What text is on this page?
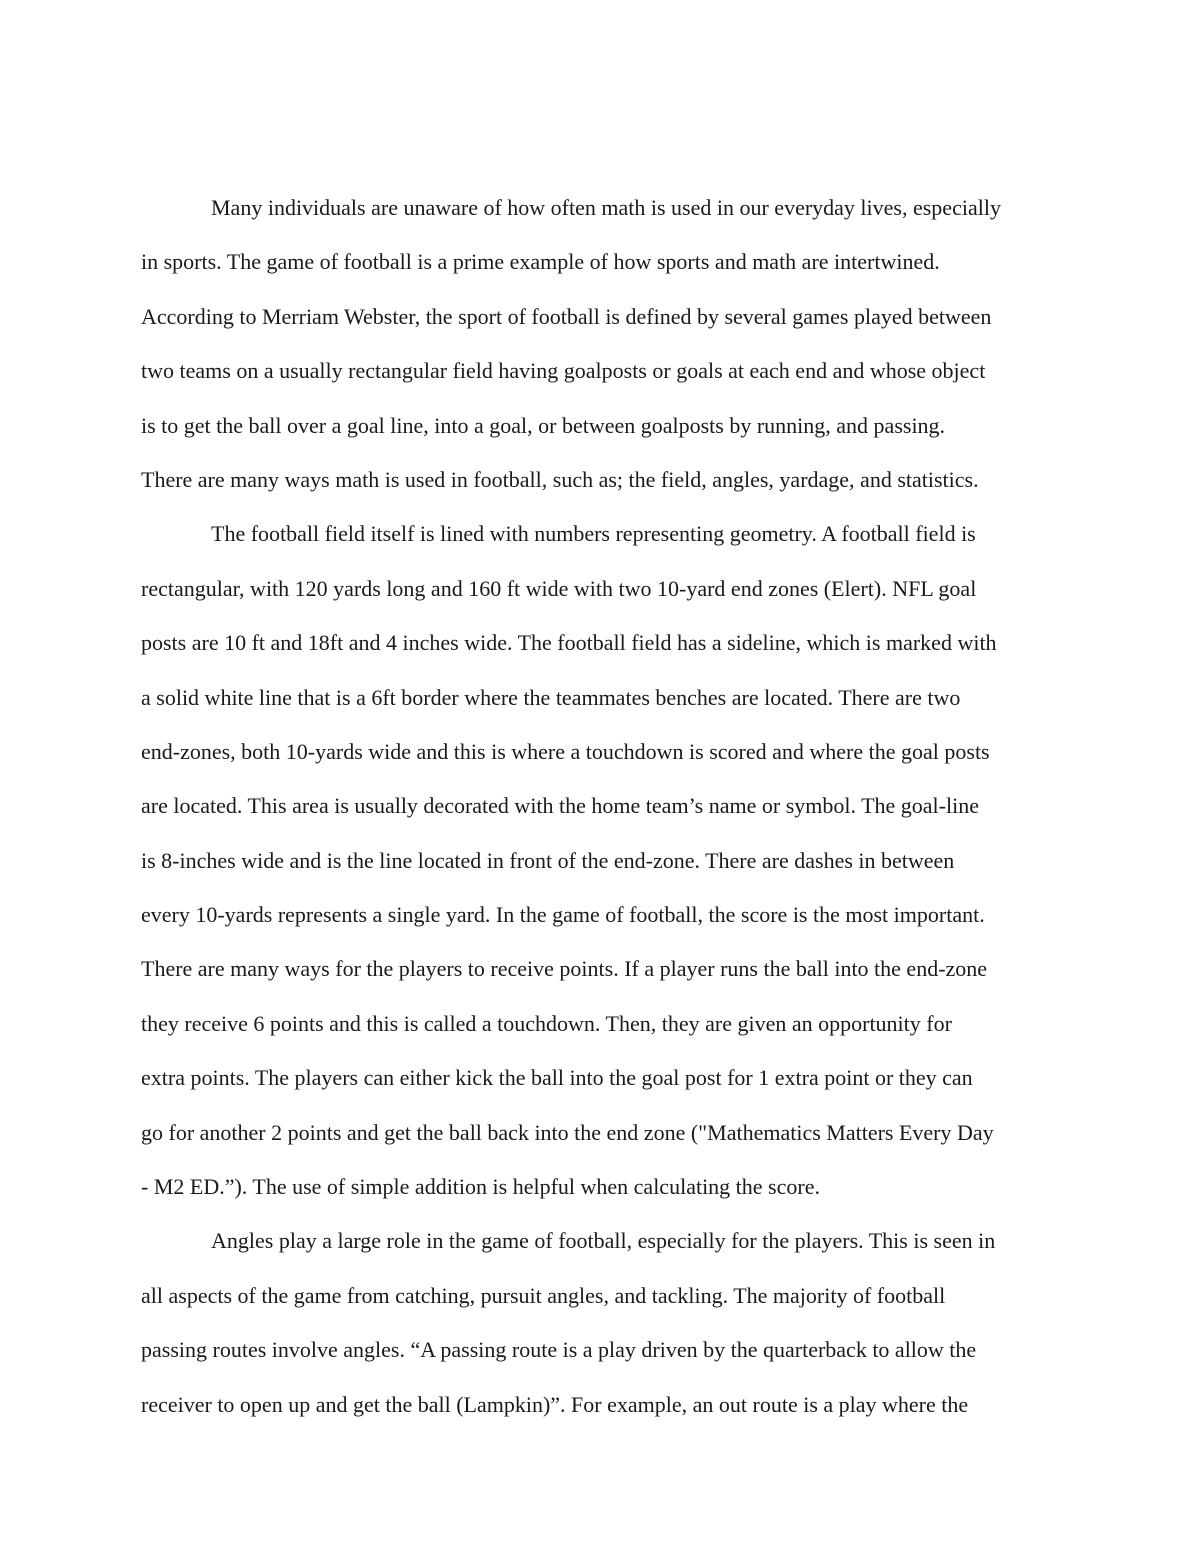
Many individuals are unaware of how often math is used in our everyday lives, especially
in sports. The game of football is a prime example of how sports and math are intertwined.
According to Merriam Webster, the sport of football is defined by several games played between
two teams on a usually rectangular field having goalposts or goals at each end and whose object
is to get the ball over a goal line, into a goal, or between goalposts by running, and passing.
There are many ways math is used in football, such as; the field, angles, yardage, and statistics.
The football field itself is lined with numbers representing geometry. A football field is
rectangular, with 120 yards long and 160 ft wide with two 10-yard end zones (Elert). NFL goal
posts are 10 ft and 18ft and 4 inches wide. The football field has a sideline, which is marked with
a solid white line that is a 6ft border where the teammates benches are located. There are two
end-zones, both 10-yards wide and this is where a touchdown is scored and where the goal posts
are located. This area is usually decorated with the home team’s name or symbol. The goal-line
is 8-inches wide and is the line located in front of the end-zone. There are dashes in between
every 10-yards represents a single yard. In the game of football, the score is the most important.
There are many ways for the players to receive points. If a player runs the ball into the end-zone
they receive 6 points and this is called a touchdown. Then, they are given an opportunity for
extra points. The players can either kick the ball into the goal post for 1 extra point or they can
go for another 2 points and get the ball back into the end zone ("Mathematics Matters Every Day
- M2 ED.”). The use of simple addition is helpful when calculating the score.
Angles play a large role in the game of football, especially for the players. This is seen in
all aspects of the game from catching, pursuit angles, and tackling. The majority of football
passing routes involve angles. “A passing route is a play driven by the quarterback to allow the
receiver to open up and get the ball (Lampkin)”. For example, an out route is a play where the
